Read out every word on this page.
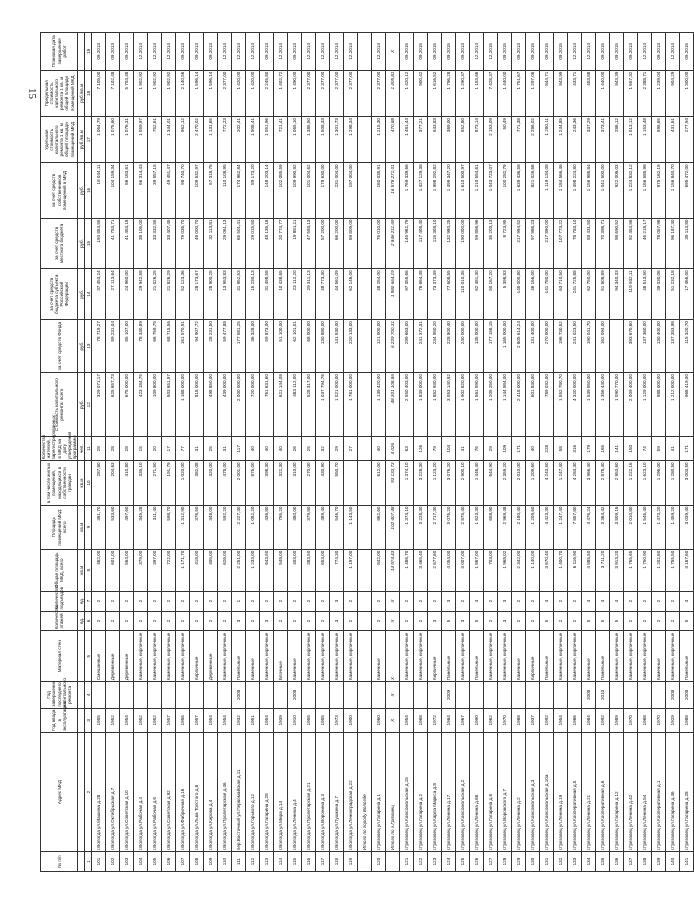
15
№ п/п	Адрес МКД	Год ввода в эксплуатацию	Год завершения последнего капитального ремонта	Материал стен	Количество этажей	Количество подъездов	Общая площадь МКД, всего	Площадь помещений МКД: всего	в том числе жилых помещений, находящихся в собственности граждан	Количество жителей, зарегистрированных в МКД на дату утверждения программы	Стоимость капитального ремонта: всего	за счет средств Фонда	за счет средств бюджета субъекта Российской Федерации	за счет средств местного бюджета	за счет средств собственников помещений в МКД	Удельная стоимость капитального ремонта 1 кв. м общей площади помещений МКД	Предельная стоимость капитального ремонта 1 кв. м общей площади помещений МКД	Плановая дата завершения работ
					ед.	ед.	кв.м	кв.м	кв.м	чел.	руб.	руб.	руб.	руб.	руб.	руб./кв.м	руб./кв.м	
1	2	3	4	5	6	7	8	9	10	11	12	13	14	15	16	17	18	19
101	г.Вологда ул.Машина д.28	1955		Смешанные	2	2	462,00	381,70	287,80	28	329 071,17	78 719,27	37 453,24	194 854,55	18 044,11	1 064,79	7 105,00	09.2013
102	г.Вологда ул.Октябрьская д.7	1952		Деревянные	2	2	601,00	533,60	204,63	28	625 657,73	89 231,04	27 113,64	41 753,71	104 159,34	1 075,60	7 102,48	09.2013
103	г.Вологда ул.Советская д.10	1954		Деревянные	2	2	564,00	497,60	410,80	28	675 000,00	85 107,00	24 960,00	41 453,18	86 163,61	1 076,31	5 704,48	09.2013
104	г.Вологда ул.Рабочая д.4	1952		Каменные, кирпичные	2	2	379,00	345,28	335,10	15	423 184,75	78 330,89	29 942,58	38 105,00	66 314,43	1 059,97	1 902,92	12.2014
105	г.Вологда ул.Рабочая д.6	1952		Каменные, кирпичные	2	2	397,00	311,40	271,50	20	109 800,00	66 759,75	21 026,25	33 332,55	39 557,15	752,61	1 902,92	12.2014
106	г.Вологда ул.Советская д.92	1957		Каменные, кирпичные	2	2	722,00	598,70	191,79	17	503 651,97	68 715,56	21 826,29	33 407,45	49 451,47	1 344,01	1 902,92	12.2014
107	г.Вологда ул.Фабричная д.16	1956		Каменные, кирпичные	2	2	1 171,70	1 312,90	1 020,00	77	1 168 000,00	161 570,91	52 123,36	79 036,70	98 740,70	962,12	2 140,56	09.2013
108	г.Вологда ул.Льва Толстого д.8	1957		Кирпичные	2	2	418,00	376,50	382,08	31	818 000,00	94 907,72	28 173,67	46 000,70	109 532,97	2 470,02	1 596,14	09.2013
109	г.Вологда ул.Кирова д.4	1954		Деревянные	2	2	405,00	348,00	320,00	25	498 850,00	28 231,50	28 900,25	32 113,81	57 318,76	1 131,65	1 596,14	09.2013
110	г.Вологда ул.Пролетарская д.46	1954		Каменные, кирпичные	2	2	626,00	592,20	478,00	31	439 000,00	59 477,88	13 953,83	29 061,13	110 108,95	772,23	2 377,00	12.2014
111	пер.Восточный ул.Первомайская д.11	1932	2008	Панельные	3	1	2 251,00	2 227,30	2 001,00	117	2 000 000,00	177 581,25	41 952,53	65 501,41	174 962,84	202,41	1 420,00	12.2014
112	г.Вологда ул.Горького д.12	1951		Каменные	2	2	1 233,00	1 082,20	876,00	40	720 000,00	36 328,00	15 230,13	29 015,50	89 173,20	1 908,41	1 420,00	12.2014
113	г.Вологда ул.Гагарина д.28	1954		Каменные, кирпичные	3	2	643,50	436,80	398,30	40	761 631,60	59 873,00	31 498,58	48 135,18	148 203,14	1 051,96	2 245,80	09.2013
114	г.Вологда ул.Мира д.14	1939		Блочные	2	2	548,00	795,20	322,30	40	621 144,08	51 100,00	10 438,65	20 774,77	102 085,59	721,41	1 402,72	12.2014
115	г.Вологда ул.Ленина д.4	1910	2008	Каменные	2	2	403,00	380,00	310,00	26	483 112,00	62 101,01	23 112,20	19 881,11	109 990,92	1 065,10	1 490,00	09.2013
116	г.Вологда ул.Пролетарская д.21	1958		Каменные, кирпичные	2	2	383,50	379,80	270,00	25	528 317,00	68 000,00	29 311,13	47 593,13	101 004,62	1 385,50	2 377,00	12.2014
117	г.Вологда ул.Воронина д.3	1955		Каменные, кирпичные	2	2	653,00	489,40	430,90	32	1 037 794,76	130 880,00	48 773,30	57 200,00	178 630,00	1 508,33	2 377,00	12.2014
118	г.Вологда ул.Пушкина д.7	1973		Каменные, кирпичные	3	3	774,30	546,70	550,70	29	1 021 000,00	141 530,00	44 561,09	66 200,00	231 004,00	1 301,73	2 377,00	12.2014
119	г.Вологда ул.Ленинградская д.22	1900		Каменные, кирпичные	2	2	1 197,00	1 143,50		27	1 761 000,00	220 133,00	62 146,00	89 809,00	197 004,00	1 298,34	2 377,00	12.2014
	Итого по городу Вологде																	
120	г.Грязовец ул.Гагарина д.1	1960		Каменные	2	2	842,00	862,60	612,00	40	1 139 420,00	121 000,00	48 254,00	75 010,00	160 035,91	1 215,30	2 377,00	12.2014
	Итого по г.Грязовец	X	X	X	X	X	14 974,43	102 407,48	93 133,73	4 026	48 301 108,86	6 239 700,31	1 980 664,19	2 846 211,69	16 578 271,01	470,88	1 405,81	X
121	г.Грязовец ул.Комсомольская д.15	1954		Каменные, кирпичные	2	2	1 486,70	1 374,10	1 374,10	63	2 550 403,00	299 663,00	97 355,66	145 962,79	1 769 339,66	1 481,44	1 420,12	09.2015
122	г.Грязовец ул.Гагарина д.2	1968		Каменные, кирпичные	2	2	3 465,40	3 228,30	3 228,30	126	1 839 000,00	241 372,31	76 664,48	117 408,40	1 427 129,38	377,21	900,42	09.2015
123	г.Грязовец ул.Карла Маркса д.8	1972		Кирпичные	3	2	2 677,60	2 717,30	1 123,20	79	1 852 930,00	234 950,20	73 373,39	115 308,10	1 998 292,82	543,83	1 616,52	09.2015
124	г.Грязовец ул.Ленина д.17	1964	2009	Панельные	5	3	4 054,00	3 076,20	3 076,20	104	3 053 140,92	228 800,40	77 608,55	132 980,25	1 499 347,20	369,00	1 796,28	09.2015
125	г.Грязовец ул.Комсомольская д.2	1967		Каменные, кирпичные	3	2	3 007,00	2 875,40	2 900,10	41	1 902 820,00	240 000,00	110 010,35	190 000,00	1 610 500,97	552,80	1 290,37	09.2013
126	г.Грязовец ул.Ленина д.68	1990		Панельные	5	4	1 867,00	1 623,30	1 446,40	76	1 561 590,00	135 000,00	62 481,30	59 856,96	1 210 554,61	873,14	1 153,66	12.2014
127	г.Грязовец ул.Гагарина д.6	1962		Каменные, кирпичные	2	2	703,00	658,90	644,90	29	1 205 250,00	177 158,15	50 167,20	35 203,13	1 043 723,07	2 153,09	7 428,37	12.2015
128	г.Грязовец ул.Воровского д.7	1970		Каменные, кирпичные	3	3	1 968,02	2 969,48	2 359,20	109	1 144 984,00	1 165 000,00	5 398,83	8 723,95	100 282,79	50,49	1 440,00	09.2015
129	г.Грязовец ул.Ленина д.2	1968		Каменные	2	2	2 342,00	2 180,40	2 010,00	171	2 418 000,00	2 805 614,24	145 000,80	217 994,52	1 639 436,58	771,38	1 751,67	09.2013
130	г.Грязовец ул.Комсомольская д.3	1937		Кирпичные	2	2	1 140,00	1 209,60	1 209,60	40	601 830,00	131 400,00	46 166,00	97 986,23	821 026,68	2 286,02	1 297,06	09.2015
131	г.Грязовец ул.Комсомольская д.10а	1992		Панельные	5	4	3 670,40	4 423,30	4 243,50	228	789 032,00	270 000,00	141 780,00	217 890,00	1 119 134,08	1 280,11	844,71	09.2015
132	г.Грязовец ул.Ленина д.19	1954		Каменные, кирпичные	2	2	1 400,70	1 247,40	1 247,40	58	1 552 780,70	196 730,52	63 710,50	107 773,22	1 184 566,46	1 244,85	943,99	09.2015
133	г.Грязовец ул.Кооперативная д.5	1966		Каменные, кирпичные	2	2	6 116,90	7 857,80	4 284,30	316	4 320 000,00	241 023,50	241 725,88	78 783,10	1 498 224,80	243,36	433,71	12.2014
134	г.Грязовец ул.Ленина д.21	1984	2008	Каменные	5	4	4 885,50	4 476,24	3 966,40	179	1 539 550,00	190 041,70	62 750,00	93 431,50	1 156 986,84	337,29	453,88	12.2014
135	г.Грязовец ул.Кооперативная д.6	1992	2010	Панельные	5	4	3 711,20	3 364,42	2 878,40	165	1 356 440,00	162 094,00	51 808,89	70 398,71	1 041 500,00	373,41	1 440,00	09.2015
136	г.Грязовец ул.Гагарина д.12	1989		Каменные, кирпичные	5	4	3 913,20	3 809,16	2 953,60	141	1 090 770,00		94 340,33	98 690,52	922 006,03	286,12	943,39	09.2015
137	г.Грязовец ул.Ленина д.42	1970		Каменные, кирпичные	2	2	1 765,65	2 010,80	1 222,16	150	2 009 400,00	393 670,60	119 932,11	92 454,56	1 224 832,12	1 013,12	1 657,32	09.2013
138	г.Грязовец ул.Ленина д.54	1968		Каменные, кирпичные	2	2	1 750,90	1 546,40	1 623,10	74	1 129 000,00	137 360,00	48 513,50	46 218,17	1 166 585,98	1 153,48	2 388,71	12.2014
139	г.Грязовец ул.Кооперативная д.1	1970		Каменные	2	2	1 202,60	1 473,20	1 296,00	59	988 000,00	130 400,00	39 030,06	78 057,98	975 162,19	595,65	1 239,04	09.2013
140	г.Грязовец ул.Гагарина д.46	1929	2008	Каменные, кирпичные	2	2	1 755,50	1 459,20	1 280,50	41	1 212 000,00	137 353,98	51 232,18	96 187,30	1 156 840,70	431,61	904,29	12.2014
141	г.Грязовец ул.Гагарина д.28	1988	2008	Панельные	5	4	3 167,60	3 039,40	3 003,50	171	968 419,00	115 320,70	17 466,00	39 113,80	695 472,00	277,94	1 300,00	09.2015
